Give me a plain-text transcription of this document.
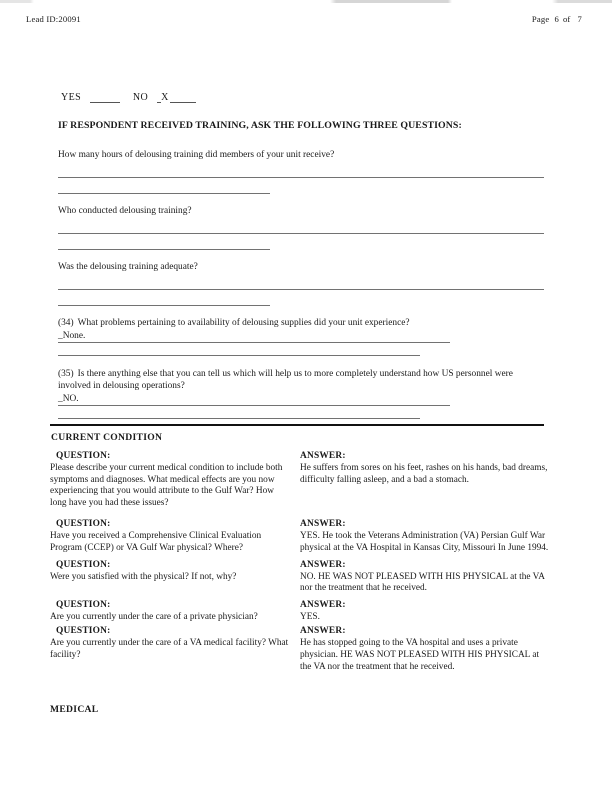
Lead ID:20091	Page 6 of 7
YES	NO X
IF RESPONDENT RECEIVED TRAINING, ASK THE FOLLOWING THREE QUESTIONS:
How many hours of delousing training did members of your unit receive?
Who conducted delousing training?
Was the delousing training adequate?
(34) What problems pertaining to availability of delousing supplies did your unit experience?
_None.
(35) Is there anything else that you can tell us which will help us to more completely understand how US personnel were involved in delousing operations?
_NO.
CURRENT CONDITION
QUESTION:
Please describe your current medical condition to include both symptoms and diagnoses. What medical effects are you now experiencing that you would attribute to the Gulf War? How long have you had these issues?
ANSWER:
He suffers from sores on his feet, rashes on his hands, bad dreams, difficulty falling asleep, and a bad a stomach.
QUESTION:
Have you received a Comprehensive Clinical Evaluation Program (CCEP) or VA Gulf War physical? Where?
ANSWER:
YES. He took the Veterans Administration (VA) Persian Gulf War physical at the VA Hospital in Kansas City, Missouri In June 1994.
QUESTION:
Were you satisfied with the physical? If not, why?
ANSWER:
NO. HE WAS NOT PLEASED WITH HIS PHYSICAL at the VA nor the treatment that he received.
QUESTION:
Are you currently under the care of a private physician?
ANSWER:
YES.
QUESTION:
Are you currently under the care of a VA medical facility? What facility?
ANSWER:
He has stopped going to the VA hospital and uses a private physician. HE WAS NOT PLEASED WITH HIS PHYSICAL at the VA nor the treatment that he received.
MEDICAL
